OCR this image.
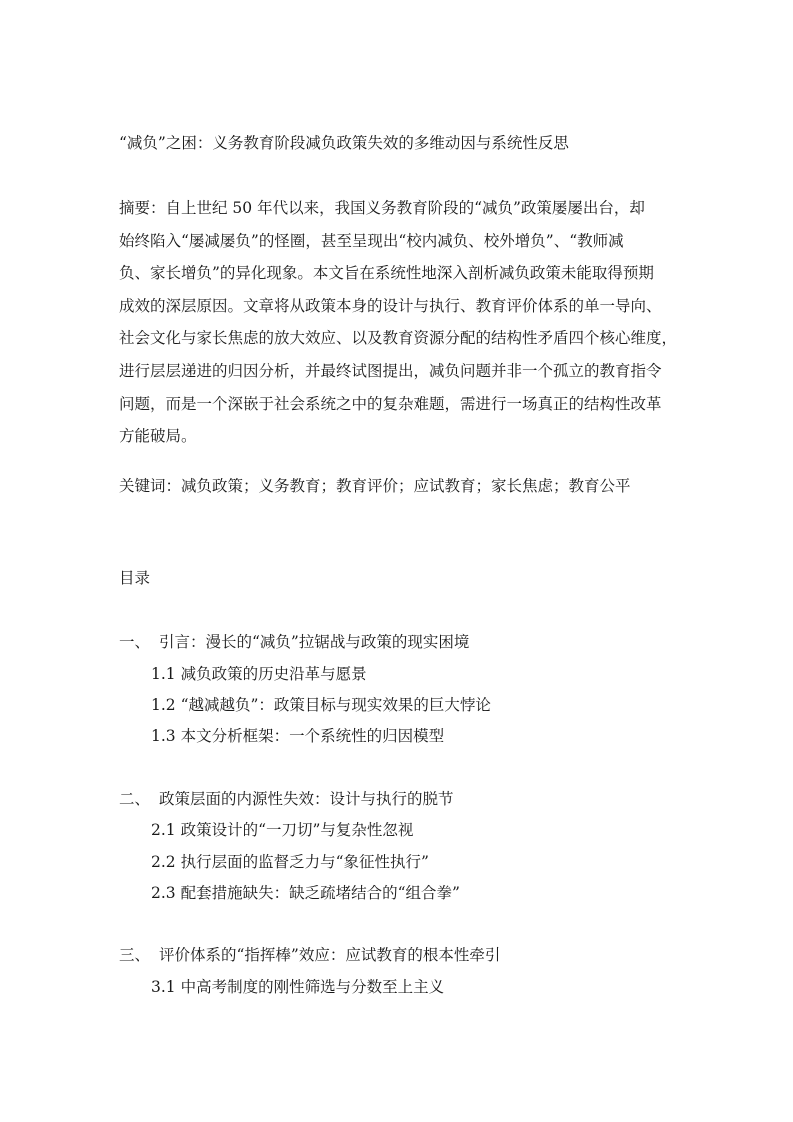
“减负”之困：义务教育阶段减负政策失效的多维动因与系统性反思
摘要：自上世纪 50 年代以来，我国义务教育阶段的“减负”政策屡屡出台，却
始终陷入“屡减屡负”的怪圈，甚至呈现出“校内减负、校外增负”、“教师减
负、家长增负”的异化现象。本文旨在系统性地深入剖析减负政策未能取得预期
成效的深层原因。文章将从政策本身的设计与执行、教育评价体系的单一导向、
社会文化与家长焦虑的放大效应、以及教育资源分配的结构性矛盾四个核心维度，
进行层层递进的归因分析，并最终试图提出，减负问题并非一个孤立的教育指令
问题，而是一个深嵌于社会系统之中的复杂难题，需进行一场真正的结构性改革
方能破局。
关键词：减负政策；义务教育；教育评价；应试教育；家长焦虑；教育公平
目录
一、 引言：漫长的“减负”拉锯战与政策的现实困境
1.1 减负政策的历史沿革与愿景
1.2 “越减越负”：政策目标与现实效果的巨大悖论
1.3 本文分析框架：一个系统性的归因模型
二、 政策层面的内源性失效：设计与执行的脱节
2.1 政策设计的“一刀切”与复杂性忽视
2.2 执行层面的监督乏力与“象征性执行”
2.3 配套措施缺失：缺乏疏堵结合的“组合拳”
三、 评价体系的“指挥棒”效应：应试教育的根本性牵引
3.1 中高考制度的刚性筛选与分数至上主义
